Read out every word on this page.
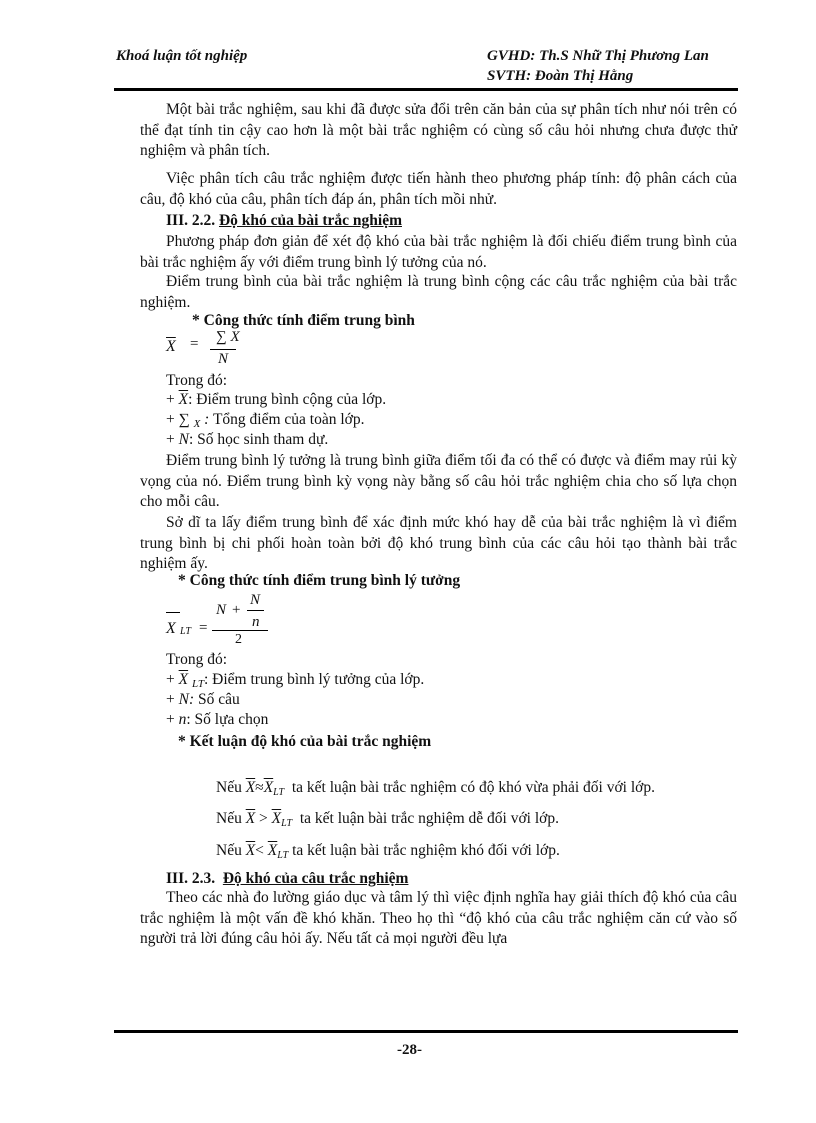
Khoá luận tốt nghiệp	GVHD: Th.S Nhữ Thị Phương Lan
SVTH: Đoàn Thị Hằng

Một bài trắc nghiệm, sau khi đã được sửa đổi trên căn bản của sự phân tích như nói trên có thể đạt tính tin cậy cao hơn là một bài trắc nghiệm có cùng số câu hỏi nhưng chưa được thử nghiệm và phân tích.

Việc phân tích câu trắc nghiệm được tiến hành theo phương pháp tính: độ phân cách của câu, độ khó của câu, phân tích đáp án, phân tích mồi nhử.

III. 2.2. Độ khó của bài trắc nghiệm

Phương pháp đơn giản để xét độ khó của bài trắc nghiệm là đối chiếu điểm trung bình của bài trắc nghiệm ấy với điểm trung bình lý tưởng của nó.

Điểm trung bình của bài trắc nghiệm là trung bình cộng các câu trắc nghiệm của bài trắc nghiệm.

* Công thức tính điểm trung bình
$\overline{X}$ = ∑ X
N
Trong đó:
+ $\overline{X}$: Điểm trung bình cộng của lớp.
+ ∑ X : Tổng điểm của toàn lớp.
+ N: Số học sinh tham dự.

Điểm trung bình lý tưởng là trung bình giữa điểm tối đa có thể có được và điểm may rủi kỳ vọng của nó. Điểm trung bình kỳ vọng này bằng số câu hỏi trắc nghiệm chia cho số lựa chọn cho mỗi câu.

Sở dĩ ta lấy điểm trung bình để xác định mức khó hay dễ của bài trắc nghiệm là vì điểm trung bình bị chi phối hoàn toàn bởi độ khó trung bình của các câu hỏi tạo thành bài trắc nghiệm ấy.

* Công thức tính điểm trung bình lý tưởng
X LT =
N +
N
n
2
Trong đó:
+ $\overline{X}$ LT: Điểm trung bình lý tưởng của lớp.
+ N: Số câu
+ n: Số lựa chọn
* Kết luận độ khó của bài trắc nghiệm
Nếu $\overline{X}\approx\overline{X}LT$ ta kết luận bài trắc nghiệm có độ khó vừa phải đối với lớp.
Nếu $\overline{X} > \overline{X}LT$ ta kết luận bài trắc nghiệm dễ đối với lớp.
Nếu $\overline{X}< \overline{X}LT$ ta kết luận bài trắc nghiệm khó đối với lớp.
III. 2.3. Độ khó của câu trắc nghiệm

Theo các nhà đo lường giáo dục và tâm lý thì việc định nghĩa hay giải thích độ khó của câu trắc nghiệm là một vấn đề khó khăn. Theo họ thì “độ khó của câu trắc nghiệm căn cứ vào số người trả lời đúng câu hỏi ấy. Nếu tất cả mọi người đều lựa

-28-
